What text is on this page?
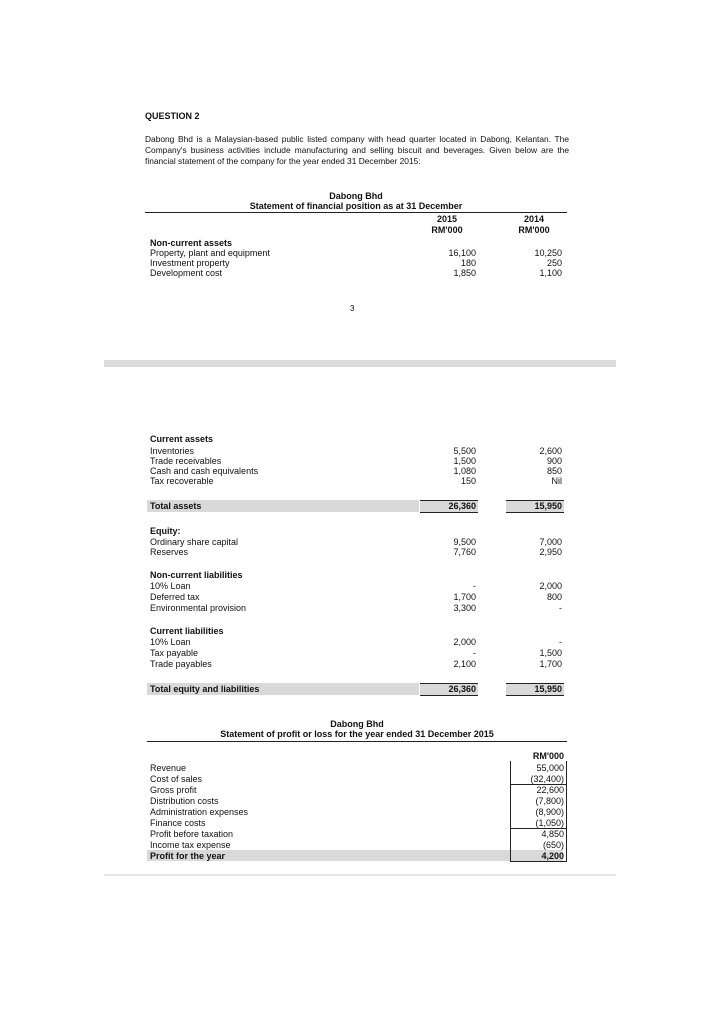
QUESTION 2
Dabong Bhd is a Malaysian-based public listed company with head quarter located in Dabong, Kelantan. The Company's business activities include manufacturing and selling biscuit and beverages. Given below are the financial statement of the company for the year ended 31 December 2015:
Dabong Bhd
Statement of financial position as at 31 December
2015	2014
RM'000	RM'000
Non-current assets
Property, plant and equipment	16,100	10,250
Investment property	180	250
Development cost	1,850	1,100
3
Current assets
Inventories	5,500	2,600
Trade receivables	1,500	900
Cash and cash equivalents	1,080	850
Tax recoverable	150	Nil
Total assets	26,360	15,950
Equity:
Ordinary share capital	9,500	7,000
Reserves	7,760	2,950
Non-current liabilities
10% Loan	-	2,000
Deferred tax	1,700	800
Environmental provision	3,300	-
Current liabilities
10% Loan	2,000	-
Tax payable	-	1,500
Trade payables	2,100	1,700
Total equity and liabilities	26,360	15,950
Dabong Bhd
Statement of profit or loss for the year ended 31 December 2015
RM'000
Revenue	55,000
Cost of sales	(32,400)
Gross profit	22,600
Distribution costs	(7,800)
Administration expenses	(8,900)
Finance costs	(1,050)
Profit before taxation	4,850
Income tax expense	(650)
Profit for the year	4,200
